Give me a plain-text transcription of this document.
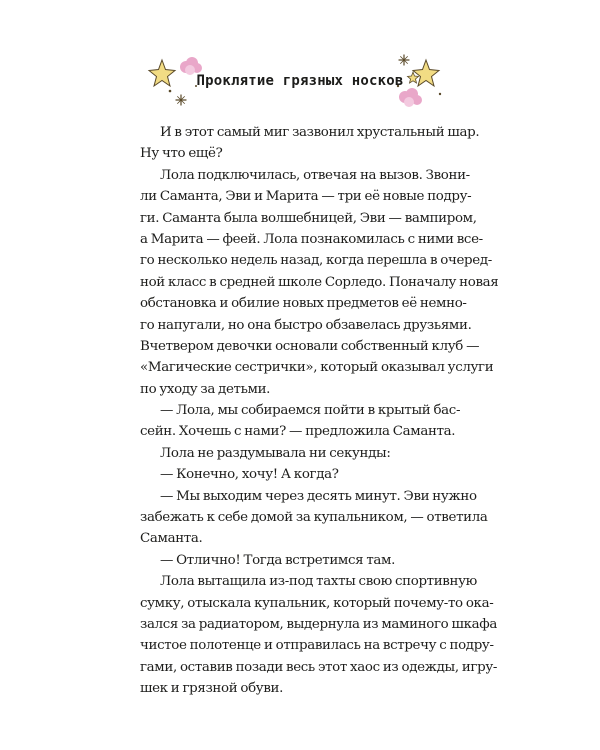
Проклятие грязных носков
И в этот самый миг зазвонил хрустальный шар.
Ну что ещё?
Лола подключилась, отвечая на вызов. Звони-
ли Саманта, Эви и Марита — три её новые подру-
ги. Саманта была волшебницей, Эви — вампиром,
а Марита — феей. Лола познакомилась с ними все-
го несколько недель назад, когда перешла в очеред-
ной класс в средней школе Сорледо. Поначалу новая
обстановка и обилие новых предметов её немно-
го напугали, но она быстро обзавелась друзьями.
Вчетвером девочки основали собственный клуб —
«Магические сестрички», который оказывал услуги
по уходу за детьми.
— Лола, мы собираемся пойти в крытый бас-
сейн. Хочешь с нами? — предложила Саманта.
Лола не раздумывала ни секунды:
— Конечно, хочу! А когда?
— Мы выходим через десять минут. Эви нужно
забежать к себе домой за купальником, — ответила
Саманта.
— Отлично! Тогда встретимся там.
Лола вытащила из-под тахты свою спортивную
сумку, отыскала купальник, который почему-то ока-
зался за радиатором, выдернула из маминого шкафа
чистое полотенце и отправилась на встречу с подру-
гами, оставив позади весь этот хаос из одежды, игру-
шек и грязной обуви.
